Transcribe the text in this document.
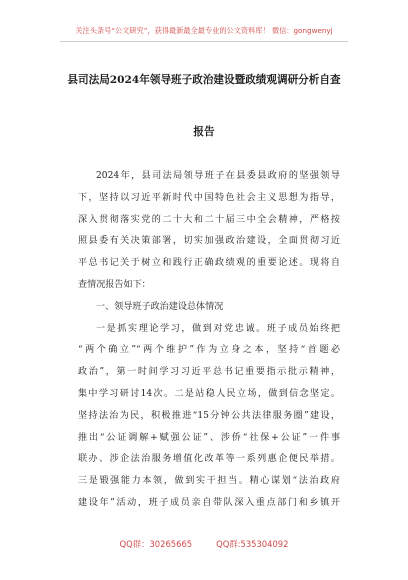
关注头条号“公文研究”，获得最新最全最专业的公文资料库！ 微信：gongwenyj
县司法局2024年领导班子政治建设暨政绩观调研分析自查
报告
2024年，县司法局领导班子在县委县政府的坚强领导
下，坚持以习近平新时代中国特色社会主义思想为指导，
深入贯彻落实党的二十大和二十届三中全会精神，严格按
照县委有关决策部署，切实加强政治建设，全面贯彻习近
平总书记关于树立和践行正确政绩观的重要论述。现将自
查情况报告如下：
一、领导班子政治建设总体情况
一是抓实理论学习，做到对党忠诚。班子成员始终把
“两个确立”“两个维护”作为立身之本，坚持“首题必
政治”，第一时间学习习近平总书记重要指示批示精神，
集中学习研讨14次。二是站稳人民立场，做到信念坚定。
坚持法治为民，积极推进“15分钟公共法律服务圈”建设，
推出“公证调解+赋强公证”、涉侨“社保+公证”一件事
联办、涉企法治服务增值化改革等一系列惠企便民举措。
三是锻强能力本领，做到实干担当。精心谋划“法治政府
建设年”活动，班子成员亲自带队深入重点部门和乡镇开
QQ群：30265665	QQ群:535304092
